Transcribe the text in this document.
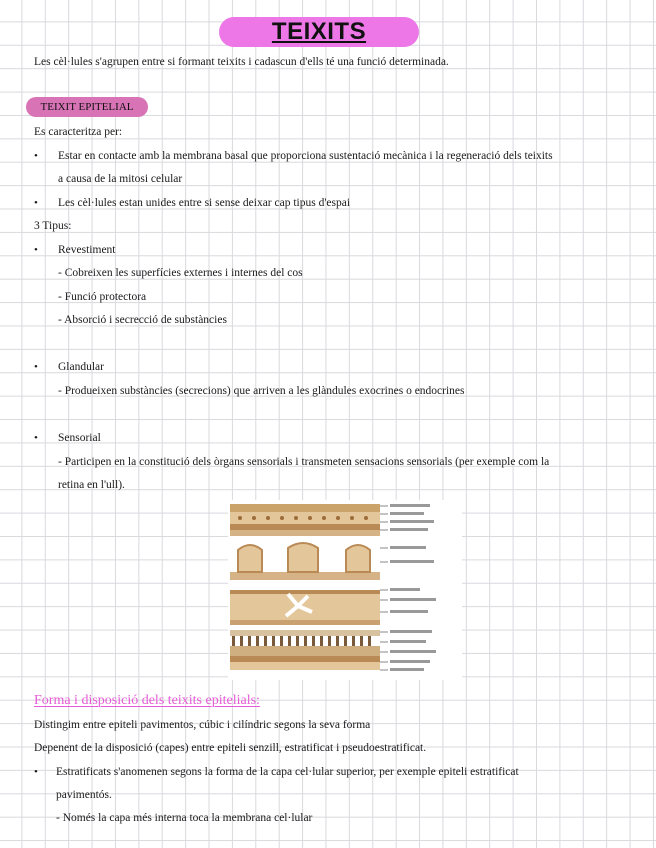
TEIXITS
Les cèl·lules s'agrupen entre si formant teixits i cadascun d'ells té una funció determinada.
TEIXIT EPITELIAL
Es caracteritza per:
• Estar en contacte amb la membrana basal que proporciona sustentació mecànica i la regeneració dels teixits
a causa de la mitosi celular
• Les cèl·lules estan unides entre si sense deixar cap tipus d'espai
3 Tipus:
• Revestiment
- Cobreixen les superfícies externes i internes del cos
- Funció protectora
- Absorció i secrecció de substàncies
• Glandular
- Produeixen substàncies (secrecions) que arriven a les glàndules exocrines o endocrines
• Sensorial
- Participen en la constitució dels òrgans sensorials i transmeten sensacions sensorials (per exemple com la
retina en l'ull).
Forma i disposició dels teixits epitelials:
Distingim entre epiteli pavimentos, cúbic i cilíndric segons la seva forma
Depenent de la disposició (capes) entre epiteli senzill, estratificat i pseudoestratificat.
• Estratificats s'anomenen segons la forma de la capa cel·lular superior, per exemple epiteli estratificat
pavimentós.
- Només la capa més interna toca la membrana cel·lular
